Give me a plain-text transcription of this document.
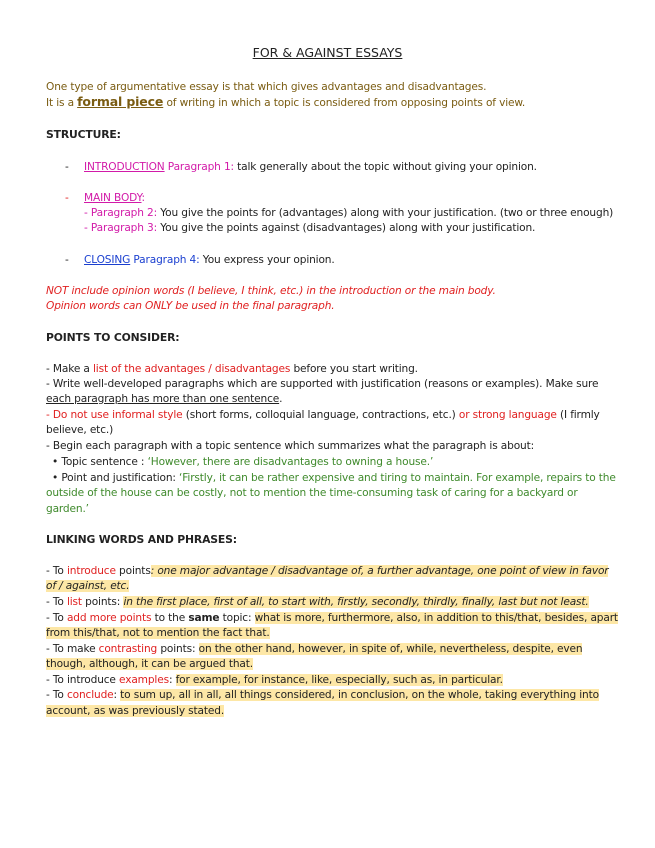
FOR & AGAINST ESSAYS
One type of argumentative essay is that which gives advantages and disadvantages.
It is a formal piece of writing in which a topic is considered from opposing points of view.
STRUCTURE:
- INTRODUCTION Paragraph 1: talk generally about the topic without giving your opinion.
- MAIN BODY:
- Paragraph 2: You give the points for (advantages) along with your justification. (two or three enough)
- Paragraph 3: You give the points against (disadvantages) along with your justification.
- CLOSING Paragraph 4: You express your opinion.
NOT include opinion words (I believe, I think, etc.) in the introduction or the main body.
Opinion words can ONLY be used in the final paragraph.
POINTS TO CONSIDER:
- Make a list of the advantages / disadvantages before you start writing.
- Write well-developed paragraphs which are supported with justification (reasons or examples). Make sure
each paragraph has more than one sentence.
- Do not use informal style (short forms, colloquial language, contractions, etc.) or strong language (I firmly
believe, etc.)
- Begin each paragraph with a topic sentence which summarizes what the paragraph is about:
• Topic sentence : ‘However, there are disadvantages to owning a house.’
• Point and justification: ‘Firstly, it can be rather expensive and tiring to maintain. For example, repairs to the
outside of the house can be costly, not to mention the time-consuming task of caring for a backyard or
garden.’
LINKING WORDS AND PHRASES:
- To introduce points: one major advantage / disadvantage of, a further advantage, one point of view in favor
of / against, etc.
- To list points: in the first place, first of all, to start with, firstly, secondly, thirdly, finally, last but not least.
- To add more points to the same topic: what is more, furthermore, also, in addition to this/that, besides, apart
from this/that, not to mention the fact that.
- To make contrasting points: on the other hand, however, in spite of, while, nevertheless, despite, even
though, although, it can be argued that.
- To introduce examples: for example, for instance, like, especially, such as, in particular.
- To conclude: to sum up, all in all, all things considered, in conclusion, on the whole, taking everything into
account, as was previously stated.
